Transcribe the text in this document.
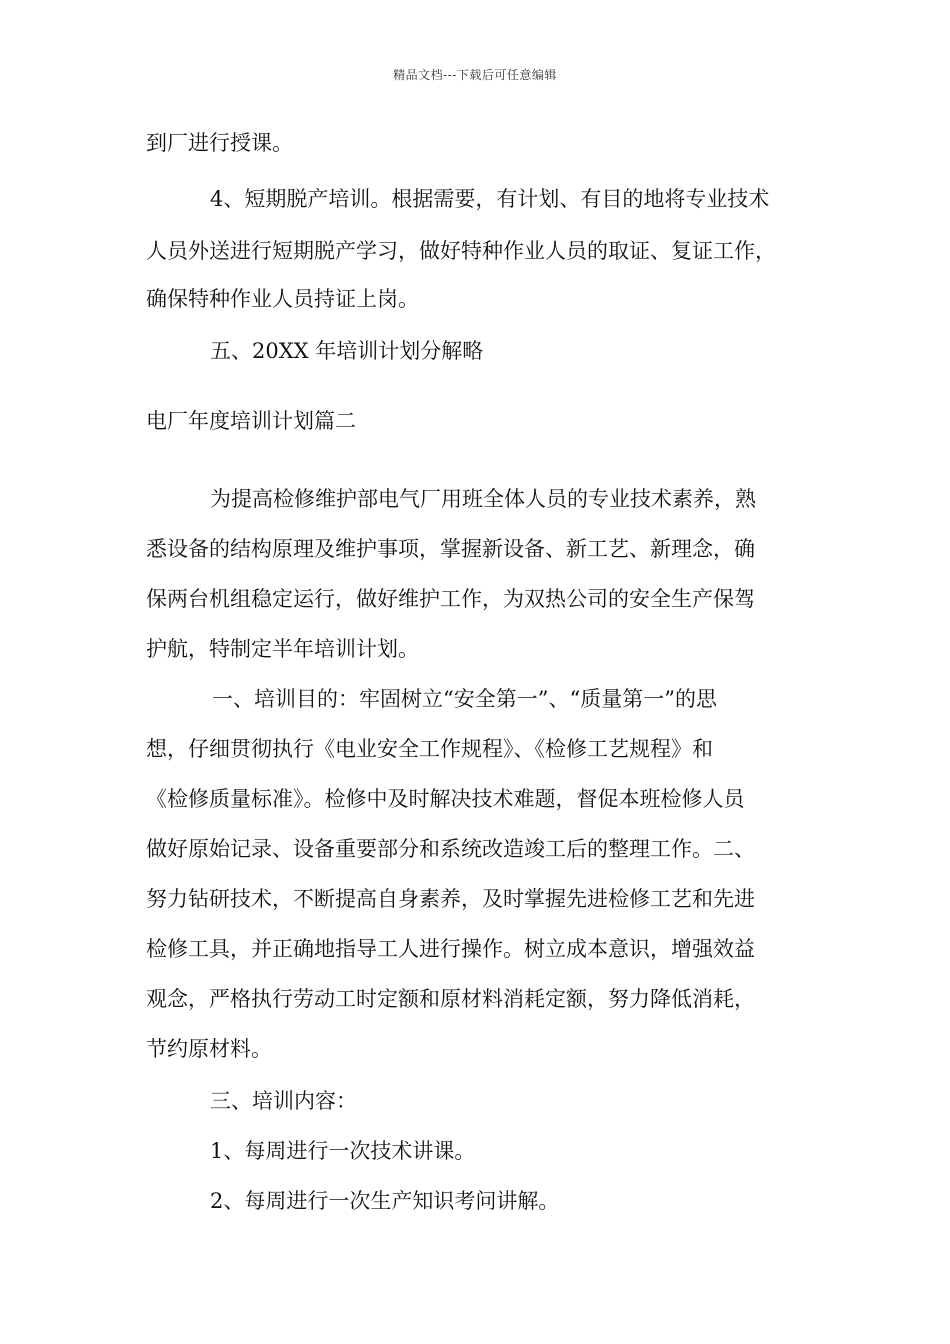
精品文档---下载后可任意编辑
到厂进行授课。
4、短期脱产培训。根据需要，有计划、有目的地将专业技术
人员外送进行短期脱产学习，做好特种作业人员的取证、复证工作，
确保特种作业人员持证上岗。
五、20XX 年培训计划分解略
电厂年度培训计划篇二
为提高检修维护部电气厂用班全体人员的专业技术素养，熟
悉设备的结构原理及维护事项，掌握新设备、新工艺、新理念，确
保两台机组稳定运行，做好维护工作，为双热公司的安全生产保驾
护航，特制定半年培训计划。
一、培训目的：牢固树立“安全第一”、“质量第一”的思
想，仔细贯彻执行《电业安全工作规程》、《检修工艺规程》和
《检修质量标准》。检修中及时解决技术难题，督促本班检修人员
做好原始记录、设备重要部分和系统改造竣工后的整理工作。二、
努力钻研技术，不断提高自身素养，及时掌握先进检修工艺和先进
检修工具，并正确地指导工人进行操作。树立成本意识，增强效益
观念，严格执行劳动工时定额和原材料消耗定额，努力降低消耗，
节约原材料。
三、培训内容：
1、每周进行一次技术讲课。
2、每周进行一次生产知识考问讲解。
